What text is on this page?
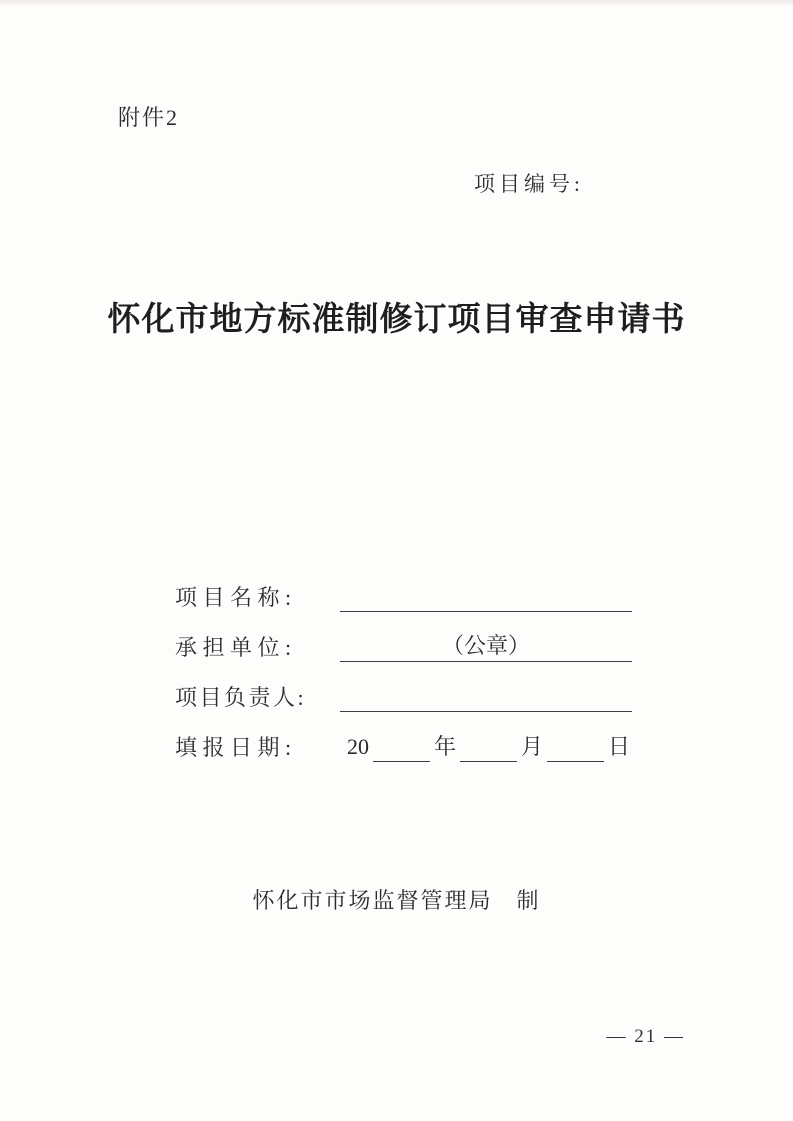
附件2
项目编号:
怀化市地方标准制修订项目审查申请书
项 目 名 称 :
承 担 单 位 :	（公章）
项目负责人:
填 报 日 期 :	20	年	月	日
怀化市市场监督管理局　制
— 21 —
